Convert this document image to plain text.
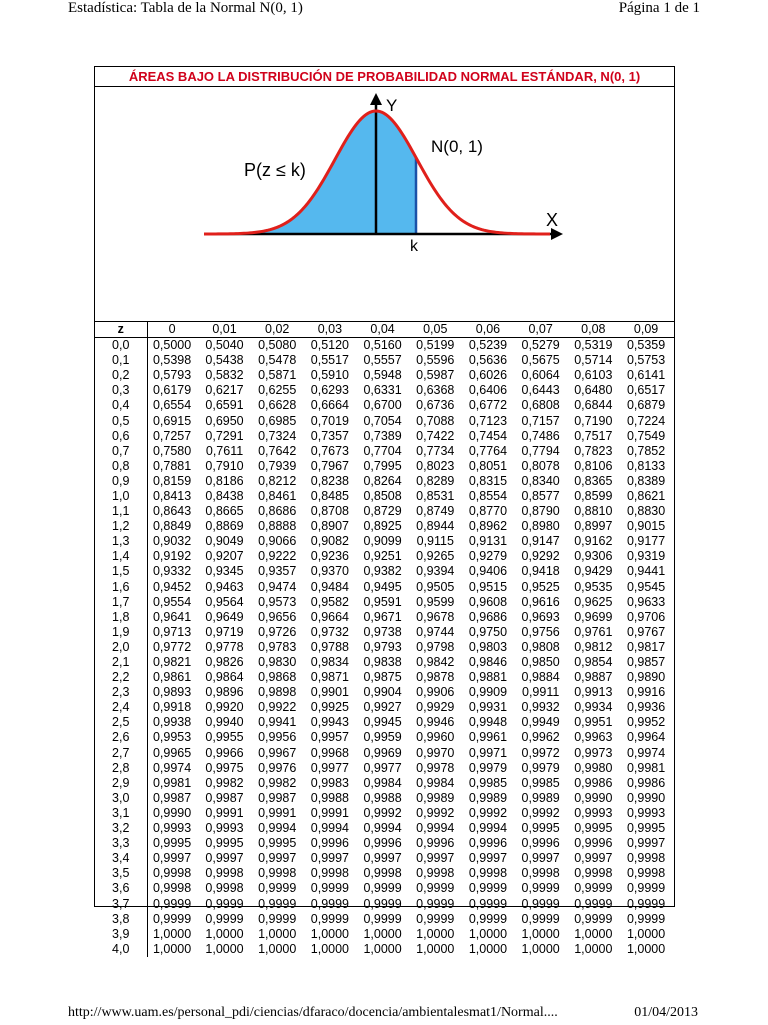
Estadística: Tabla de la Normal N(0, 1)	Página 1 de 1
ÁREAS BAJO LA DISTRIBUCIÓN DE PROBABILIDAD NORMAL ESTÁNDAR, N(0, 1)
Y
X
k
N(0, 1)
P(z ≤ k)
z	0	0,01	0,02	0,03	0,04	0,05	0,06	0,07	0,08	0,09
0,0	0,5000	0,5040	0,5080	0,5120	0,5160	0,5199	0,5239	0,5279	0,5319	0,5359
0,1	0,5398	0,5438	0,5478	0,5517	0,5557	0,5596	0,5636	0,5675	0,5714	0,5753
0,2	0,5793	0,5832	0,5871	0,5910	0,5948	0,5987	0,6026	0,6064	0,6103	0,6141
0,3	0,6179	0,6217	0,6255	0,6293	0,6331	0,6368	0,6406	0,6443	0,6480	0,6517
0,4	0,6554	0,6591	0,6628	0,6664	0,6700	0,6736	0,6772	0,6808	0,6844	0,6879
0,5	0,6915	0,6950	0,6985	0,7019	0,7054	0,7088	0,7123	0,7157	0,7190	0,7224
0,6	0,7257	0,7291	0,7324	0,7357	0,7389	0,7422	0,7454	0,7486	0,7517	0,7549
0,7	0,7580	0,7611	0,7642	0,7673	0,7704	0,7734	0,7764	0,7794	0,7823	0,7852
0,8	0,7881	0,7910	0,7939	0,7967	0,7995	0,8023	0,8051	0,8078	0,8106	0,8133
0,9	0,8159	0,8186	0,8212	0,8238	0,8264	0,8289	0,8315	0,8340	0,8365	0,8389
1,0	0,8413	0,8438	0,8461	0,8485	0,8508	0,8531	0,8554	0,8577	0,8599	0,8621
1,1	0,8643	0,8665	0,8686	0,8708	0,8729	0,8749	0,8770	0,8790	0,8810	0,8830
1,2	0,8849	0,8869	0,8888	0,8907	0,8925	0,8944	0,8962	0,8980	0,8997	0,9015
1,3	0,9032	0,9049	0,9066	0,9082	0,9099	0,9115	0,9131	0,9147	0,9162	0,9177
1,4	0,9192	0,9207	0,9222	0,9236	0,9251	0,9265	0,9279	0,9292	0,9306	0,9319
1,5	0,9332	0,9345	0,9357	0,9370	0,9382	0,9394	0,9406	0,9418	0,9429	0,9441
1,6	0,9452	0,9463	0,9474	0,9484	0,9495	0,9505	0,9515	0,9525	0,9535	0,9545
1,7	0,9554	0,9564	0,9573	0,9582	0,9591	0,9599	0,9608	0,9616	0,9625	0,9633
1,8	0,9641	0,9649	0,9656	0,9664	0,9671	0,9678	0,9686	0,9693	0,9699	0,9706
1,9	0,9713	0,9719	0,9726	0,9732	0,9738	0,9744	0,9750	0,9756	0,9761	0,9767
2,0	0,9772	0,9778	0,9783	0,9788	0,9793	0,9798	0,9803	0,9808	0,9812	0,9817
2,1	0,9821	0,9826	0,9830	0,9834	0,9838	0,9842	0,9846	0,9850	0,9854	0,9857
2,2	0,9861	0,9864	0,9868	0,9871	0,9875	0,9878	0,9881	0,9884	0,9887	0,9890
2,3	0,9893	0,9896	0,9898	0,9901	0,9904	0,9906	0,9909	0,9911	0,9913	0,9916
2,4	0,9918	0,9920	0,9922	0,9925	0,9927	0,9929	0,9931	0,9932	0,9934	0,9936
2,5	0,9938	0,9940	0,9941	0,9943	0,9945	0,9946	0,9948	0,9949	0,9951	0,9952
2,6	0,9953	0,9955	0,9956	0,9957	0,9959	0,9960	0,9961	0,9962	0,9963	0,9964
2,7	0,9965	0,9966	0,9967	0,9968	0,9969	0,9970	0,9971	0,9972	0,9973	0,9974
2,8	0,9974	0,9975	0,9976	0,9977	0,9977	0,9978	0,9979	0,9979	0,9980	0,9981
2,9	0,9981	0,9982	0,9982	0,9983	0,9984	0,9984	0,9985	0,9985	0,9986	0,9986
3,0	0,9987	0,9987	0,9987	0,9988	0,9988	0,9989	0,9989	0,9989	0,9990	0,9990
3,1	0,9990	0,9991	0,9991	0,9991	0,9992	0,9992	0,9992	0,9992	0,9993	0,9993
3,2	0,9993	0,9993	0,9994	0,9994	0,9994	0,9994	0,9994	0,9995	0,9995	0,9995
3,3	0,9995	0,9995	0,9995	0,9996	0,9996	0,9996	0,9996	0,9996	0,9996	0,9997
3,4	0,9997	0,9997	0,9997	0,9997	0,9997	0,9997	0,9997	0,9997	0,9997	0,9998
3,5	0,9998	0,9998	0,9998	0,9998	0,9998	0,9998	0,9998	0,9998	0,9998	0,9998
3,6	0,9998	0,9998	0,9999	0,9999	0,9999	0,9999	0,9999	0,9999	0,9999	0,9999
3,7	0,9999	0,9999	0,9999	0,9999	0,9999	0,9999	0,9999	0,9999	0,9999	0,9999
3,8	0,9999	0,9999	0,9999	0,9999	0,9999	0,9999	0,9999	0,9999	0,9999	0,9999
3,9	1,0000	1,0000	1,0000	1,0000	1,0000	1,0000	1,0000	1,0000	1,0000	1,0000
4,0	1,0000	1,0000	1,0000	1,0000	1,0000	1,0000	1,0000	1,0000	1,0000	1,0000
http://www.uam.es/personal_pdi/ciencias/dfaraco/docencia/ambientalesmat1/Normal....	01/04/2013
